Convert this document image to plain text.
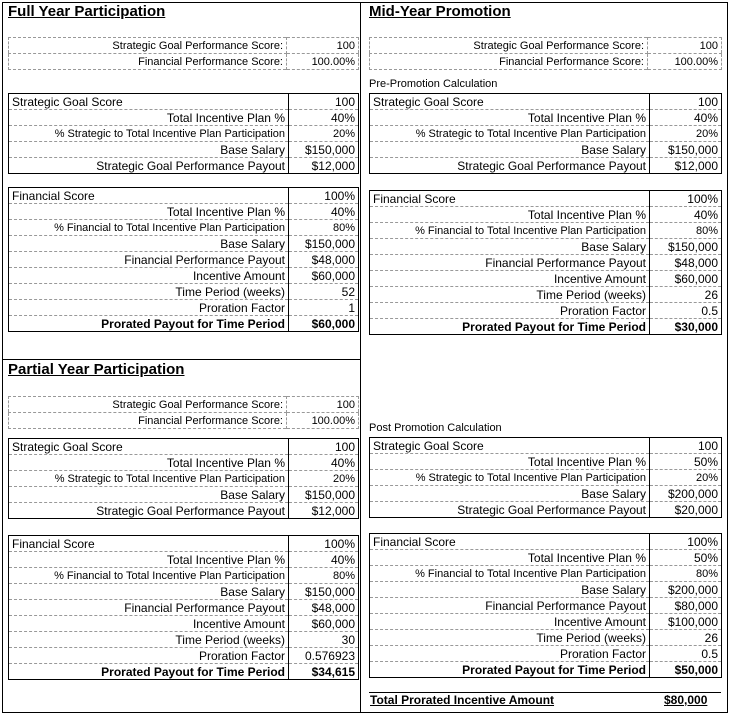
Full Year Participation
Strategic Goal Performance Score:	100
Financial Performance Score:	100.00%
Strategic Goal Score	100
Total Incentive Plan %	40%
% Strategic to Total Incentive Plan Participation	20%
Base Salary	$150,000
Strategic Goal Performance Payout	$12,000
Financial Score	100%
Total Incentive Plan %	40%
% Financial to Total Incentive Plan Participation	80%
Base Salary	$150,000
Financial Performance Payout	$48,000
Incentive Amount	$60,000
Time Period (weeks)	52
Proration Factor	1
Prorated Payout for Time Period	$60,000
Partial Year Participation
Strategic Goal Performance Score:	100
Financial Performance Score:	100.00%
Strategic Goal Score	100
Total Incentive Plan %	40%
% Strategic to Total Incentive Plan Participation	20%
Base Salary	$150,000
Strategic Goal Performance Payout	$12,000
Financial Score	100%
Total Incentive Plan %	40%
% Financial to Total Incentive Plan Participation	80%
Base Salary	$150,000
Financial Performance Payout	$48,000
Incentive Amount	$60,000
Time Period (weeks)	30
Proration Factor	0.576923
Prorated Payout for Time Period	$34,615
Mid-Year Promotion
Strategic Goal Performance Score:	100
Financial Performance Score:	100.00%
Pre-Promotion Calculation
Strategic Goal Score	100
Total Incentive Plan %	40%
% Strategic to Total Incentive Plan Participation	20%
Base Salary	$150,000
Strategic Goal Performance Payout	$12,000
Financial Score	100%
Total Incentive Plan %	40%
% Financial to Total Incentive Plan Participation	80%
Base Salary	$150,000
Financial Performance Payout	$48,000
Incentive Amount	$60,000
Time Period (weeks)	26
Proration Factor	0.5
Prorated Payout for Time Period	$30,000
Post Promotion Calculation
Strategic Goal Score	100
Total Incentive Plan %	50%
% Strategic to Total Incentive Plan Participation	20%
Base Salary	$200,000
Strategic Goal Performance Payout	$20,000
Financial Score	100%
Total Incentive Plan %	50%
% Financial to Total Incentive Plan Participation	80%
Base Salary	$200,000
Financial Performance Payout	$80,000
Incentive Amount	$100,000
Time Period (weeks)	26
Proration Factor	0.5
Prorated Payout for Time Period	$50,000
Total Prorated Incentive Amount	$80,000
